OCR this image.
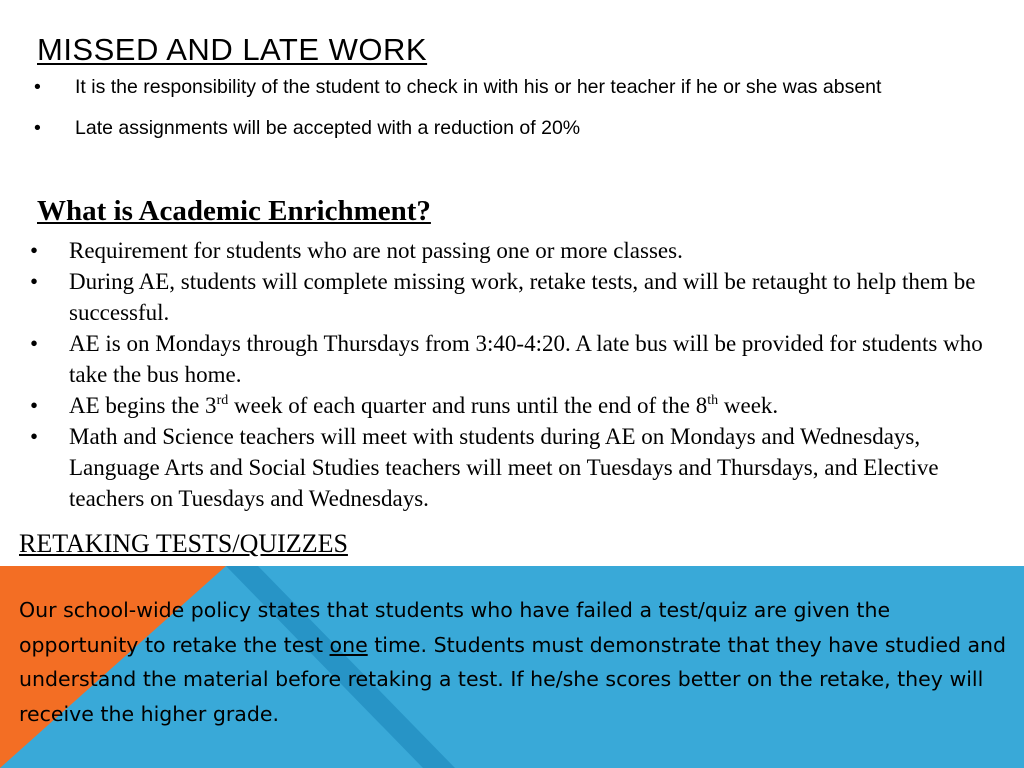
MISSED AND LATE WORK
• It is the responsibility of the student to check in with his or her teacher if he or she was absent
• Late assignments will be accepted with a reduction of 20%
What is Academic Enrichment?
• Requirement for students who are not passing one or more classes.
• During AE, students will complete missing work, retake tests, and will be retaught to help them be successful.
• AE is on Mondays through Thursdays from 3:40-4:20. A late bus will be provided for students who take the bus home.
• AE begins the 3rd week of each quarter and runs until the end of the 8th week.
• Math and Science teachers will meet with students during AE on Mondays and Wednesdays, Language Arts and Social Studies teachers will meet on Tuesdays and Thursdays, and Elective teachers on Tuesdays and Wednesdays.
RETAKING TESTS/QUIZZES

Our school-wide policy states that students who have failed a test/quiz are given the opportunity to retake the test one time. Students must demonstrate that they have studied and understand the material before retaking a test. If he/she scores better on the retake, they will receive the higher grade.
